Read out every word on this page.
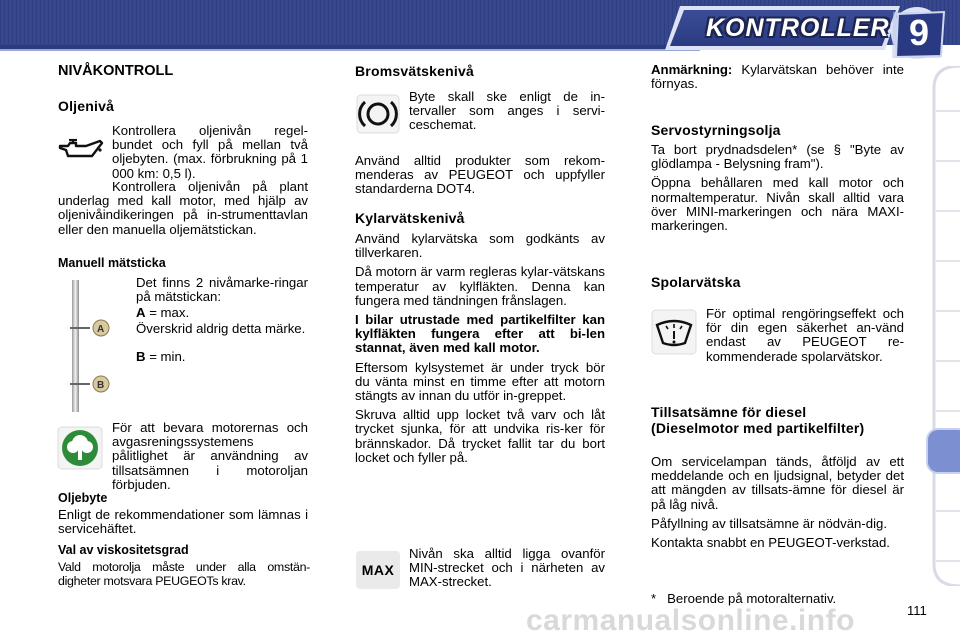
KONTROLLER 9
NIVÅKONTROLL
Oljenivå
Kontrollera oljenivån regel-bundet och fyll på mellan två oljebyten. (max. förbrukning på 1 000 km: 0,5 l).
Kontrollera oljenivån på plant underlag med kall motor, med hjälp av oljenivåindikeringen på in-strumenttavlan eller den manuella oljemätstickan.
Manuell mätsticka
A
B
Det finns 2 nivåmarke-ringar på mätstickan:
A = max.
Överskrid aldrig detta märke.
B = min.
För att bevara motorernas och avgasreningssystemens pålitlighet är användning av tillsatsämnen i motoroljan förbjuden.
Oljebyte
Enligt de rekommendationer som lämnas i servicehäftet.
Val av viskositetsgrad
Vald motorolja måste under alla omstän-digheter motsvara PEUGEOTs krav.
Bromsvätskenivå
Byte skall ske enligt de in-tervaller som anges i servi-ceschemat.
Använd alltid produkter som rekom-menderas av PEUGEOT och uppfyller standarderna DOT4.
Kylarvätskenivå

Använd kylarvätska som godkänts av tillverkaren.

Då motorn är varm regleras kylar-vätskans temperatur av kylfläkten. Denna kan fungera med tändningen frånslagen.

I bilar utrustade med partikelfilter kan kylfläkten fungera efter att bi-len stannat, även med kall motor.

Eftersom kylsystemet är under tryck bör du vänta minst en timme efter att motorn stängts av innan du utför in-greppet.

Skruva alltid upp locket två varv och låt trycket sjunka, för att undvika ris-ker för brännskador. Då trycket fallit tar du bort locket och fyller på.

MAX
Nivån ska alltid ligga ovanför MIN-strecket och i närheten av MAX-strecket.
Anmärkning: Kylarvätskan behöver inte förnyas.
Servostyrningsolja

Ta bort prydnadsdelen* (se § "Byte av glödlampa - Belysning fram").

Öppna behållaren med kall motor och normaltemperatur. Nivån skall alltid vara över MINI-markeringen och nära MAXI-markeringen.

Spolarvätska
För optimal rengöringseffekt och för din egen säkerhet an-vänd endast av PEUGEOT re-kommenderade spolarvätskor.
Tillsatsämne för diesel (Dieselmotor med partikelfilter)

Om servicelampan tänds, åtföljd av ett meddelande och en ljudsignal, betyder det att mängden av tillsats-ämne för diesel är på låg nivå.

Påfyllning av tillsatsämne är nödvän-dig.

Kontakta snabbt en PEUGEOT-verkstad.

*   Beroende på motoralternativ.
carmanualsonline.info	111
